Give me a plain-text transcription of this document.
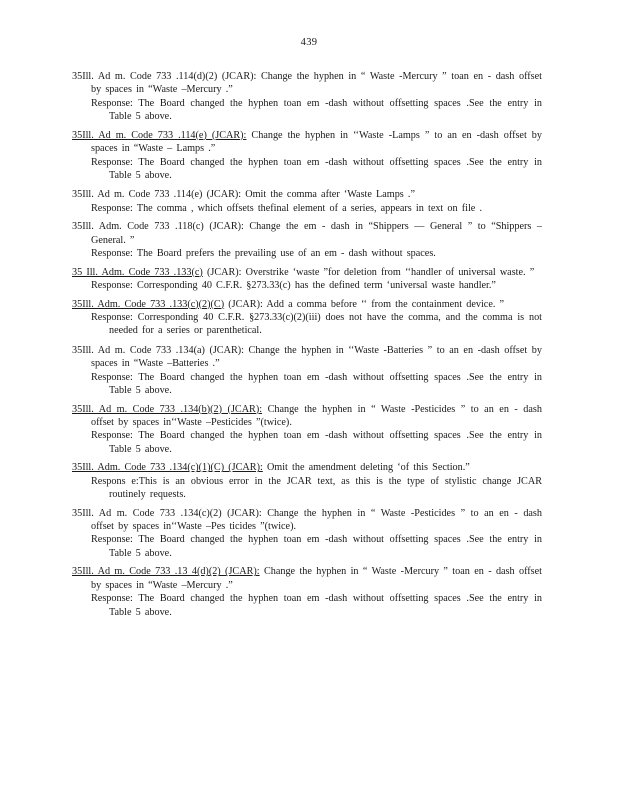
439
35Ill. Ad m. Code 733 .114(d)(2) (JCAR): Change the hyphen in “ Waste -Mercury ” toan en - dash offset by spaces in “Waste –Mercury .”
Response: The Board changed the hyphen toan em -dash without offsetting spaces .See the entry in Table 5 above.
35Ill. Ad m. Code 733 .114(e) (JCAR): Change the hyphen in ‘‘Waste -Lamps ” to an en -dash offset by spaces in “Waste – Lamps .”
Response: The Board changed the hyphen toan em -dash without offsetting spaces .See the entry in Table 5 above.
35Ill. Ad m. Code 733 .114(e) (JCAR): Omit the comma after ‘Waste Lamps .”
Response: The comma , which offsets thefinal element of a series, appears in text on file .
35Ill. Adm. Code 733 .118(c) (JCAR): Change the em - dash in “Shippers — General ” to “Shippers –General. ”
Response: The Board prefers the prevailing use of an em - dash without spaces.
35 Ill. Adm. Code 733 .133(c) (JCAR): Overstrike ‘waste ”for deletion from ‘‘handler of universal waste. ”
Response: Corresponding 40 C.F.R. §273.33(c) has the defined term ‘universal waste handler.”
35Ill. Adm. Code 733 .133(c)(2)(C) (JCAR): Add a comma before ‘‘ from the containment device. ”
Response: Corresponding 40 C.F.R. §273.33(c)(2)(iii) does not have the comma, and the comma is not needed for a series or parenthetical.
35Ill. Ad m. Code 733 .134(a) (JCAR): Change the hyphen in ‘‘Waste -Batteries ” to an en -dash offset by spaces in “Waste –Batteries .”
Response: The Board changed the hyphen toan em -dash without offsetting spaces .See the entry in Table 5 above.
35Ill. Ad m. Code 733 .134(b)(2) (JCAR): Change the hyphen in “ Waste -Pesticides ” to an en - dash offset by spaces in‘‘Waste –Pesticides ”(twice).
Response: The Board changed the hyphen toan em -dash without offsetting spaces .See the entry in Table 5 above.
35Ill. Adm. Code 733 .134(c)(1)(C) (JCAR): Omit the amendment deleting ‘of this Section.”
Respons e:This is an obvious error in the JCAR text, as this is the type of stylistic change JCAR routinely requests.
35Ill. Ad m. Code 733 .134(c)(2) (JCAR): Change the hyphen in “ Waste -Pesticides ” to an en - dash offset by spaces in‘‘Waste –Pes ticides ”(twice).
Response: The Board changed the hyphen toan em -dash without offsetting spaces .See the entry in Table 5 above.
35Ill. Ad m. Code 733 .13 4(d)(2) (JCAR): Change the hyphen in “ Waste -Mercury ” toan en - dash offset by spaces in “Waste –Mercury .”
Response: The Board changed the hyphen toan em -dash without offsetting spaces .See the entry in Table 5 above.
